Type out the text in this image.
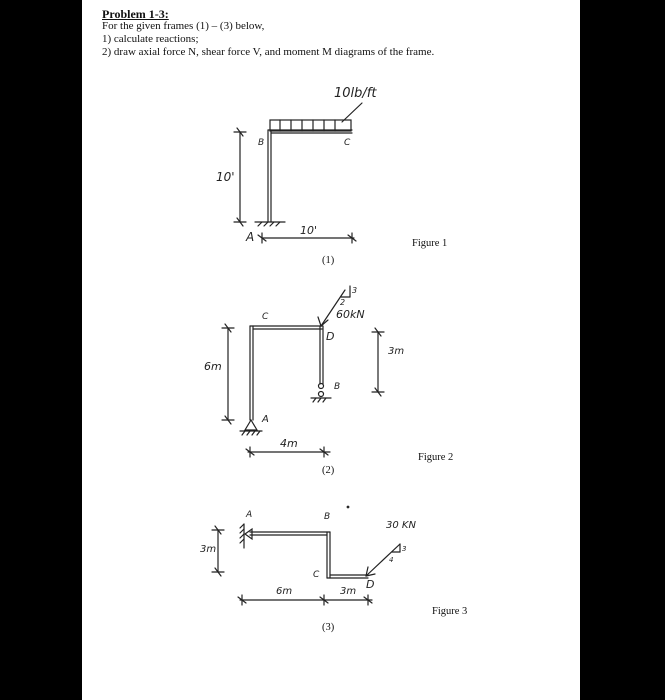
Problem 1-3:
For the given frames (1) – (3) below,
1) calculate reactions;
2) draw axial force N, shear force V, and moment M diagrams of the frame.
10lb/ft
B	C
A
10'
10'
(1)
Figure 1
C
D
B
A
60kN
3
2
6m
3m
4m
(2)
Figure 2
A	B
C
D
30 KN
3
4
3m
6m	3m
(3)
Figure 3
